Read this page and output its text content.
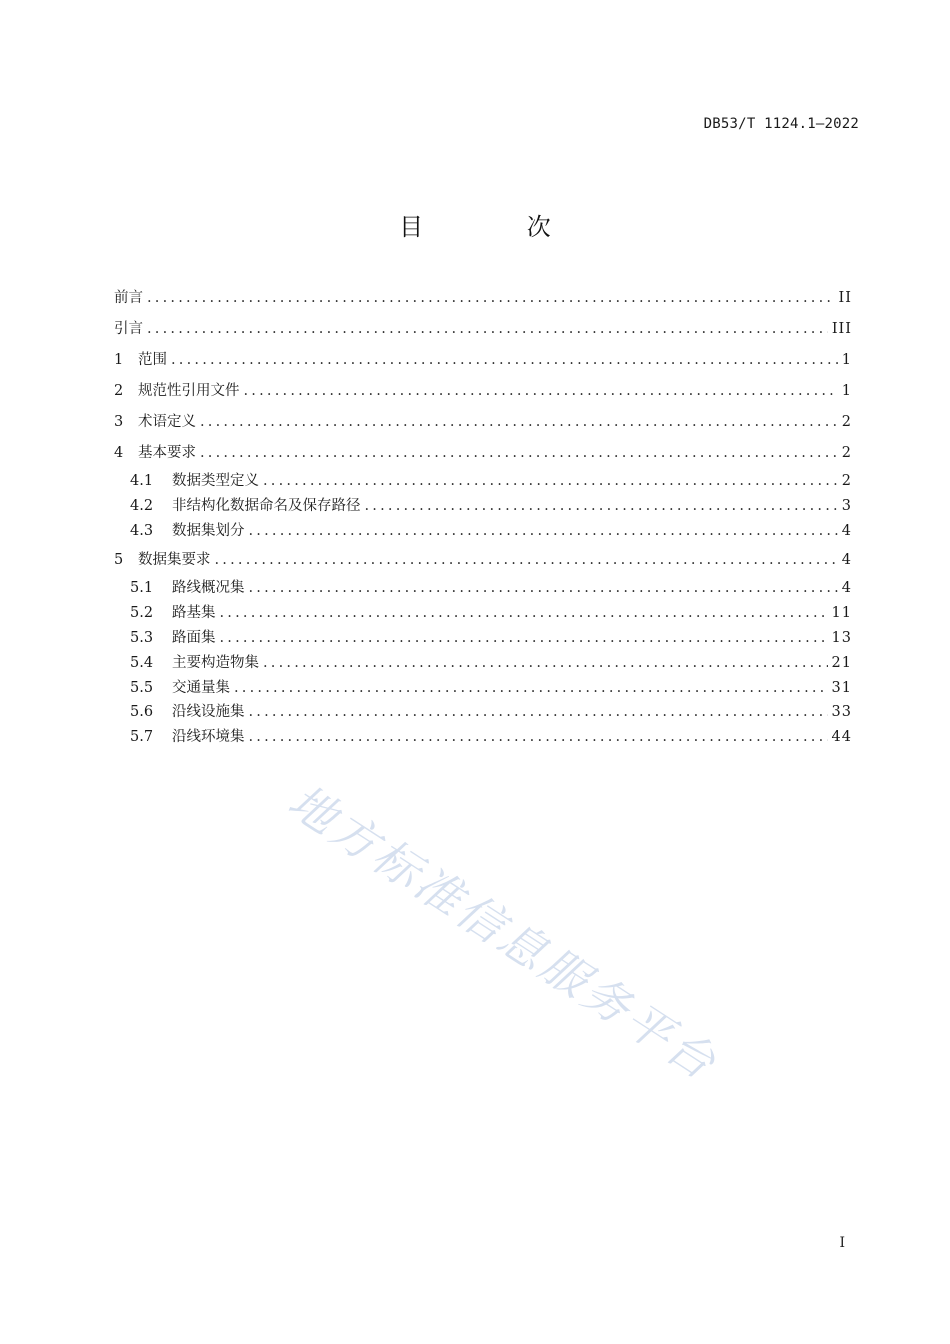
DB53/T 1124.1—2022
目 次
前言 .....	II
引言 .....	III
1	范围 .....	1
2	规范性引用文件 .....	1
3	术语定义 .....	2
4	基本要求 .....	2
4.1	数据类型定义 .....	2
4.2	非结构化数据命名及保存路径 .....	3
4.3	数据集划分 .....	4
5	数据集要求 .....	4
5.1	路线概况集 .....	4
5.2	路基集 .....	11
5.3	路面集 .....	13
5.4	主要构造物集 .....	21
5.5	交通量集 .....	31
5.6	沿线设施集 .....	33
5.7	沿线环境集 .....	44
地方标准信息服务平台
I
